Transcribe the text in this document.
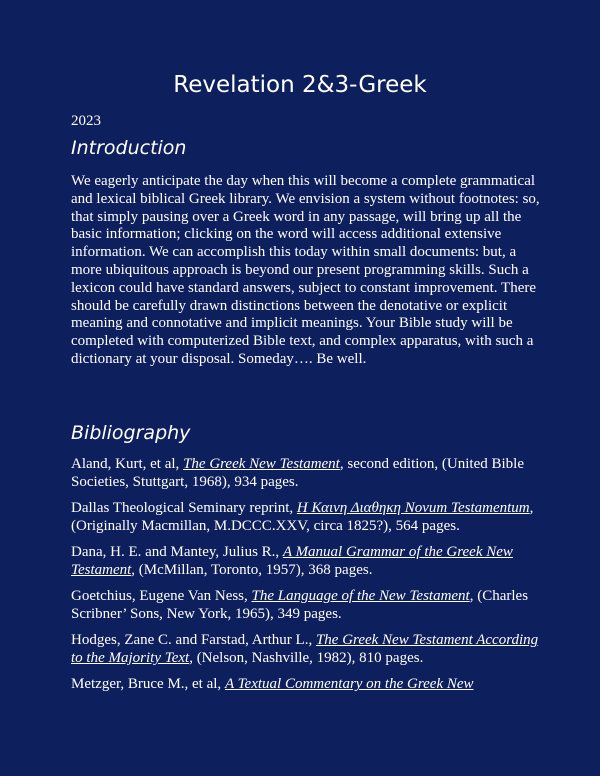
Revelation 2&3-Greek
2023
Introduction

We eagerly anticipate the day when this will become a complete grammatical and lexical biblical Greek library. We envision a system without footnotes: so, that simply pausing over a Greek word in any passage, will bring up all the basic information; clicking on the word will access additional extensive information. We can accomplish this today within small documents: but, a more ubiquitous approach is beyond our present programming skills. Such a lexicon could have standard answers, subject to constant improvement. There should be carefully drawn distinctions between the denotative or explicit meaning and connotative and implicit meanings. Your Bible study will be completed with computerized Bible text, and complex apparatus, with such a dictionary at your disposal. Someday…. Be well.

Bibliography
Aland, Kurt, et al, The Greek New Testament, second edition, (United Bible Societies, Stuttgart, 1968), 934 pages.
Dallas Theological Seminary reprint, Η Καινη Διαθηκη Novum Testamentum, (Originally Macmillan, M.DCCC.XXV, circa 1825?), 564 pages.
Dana, H. E. and Mantey, Julius R., A Manual Grammar of the Greek New Testament, (McMillan, Toronto, 1957), 368 pages.
Goetchius, Eugene Van Ness, The Language of the New Testament, (Charles Scribner’ Sons, New York, 1965), 349 pages.
Hodges, Zane C. and Farstad, Arthur L., The Greek New Testament According to the Majority Text, (Nelson, Nashville, 1982), 810 pages.
Metzger, Bruce M., et al, A Textual Commentary on the Greek New
